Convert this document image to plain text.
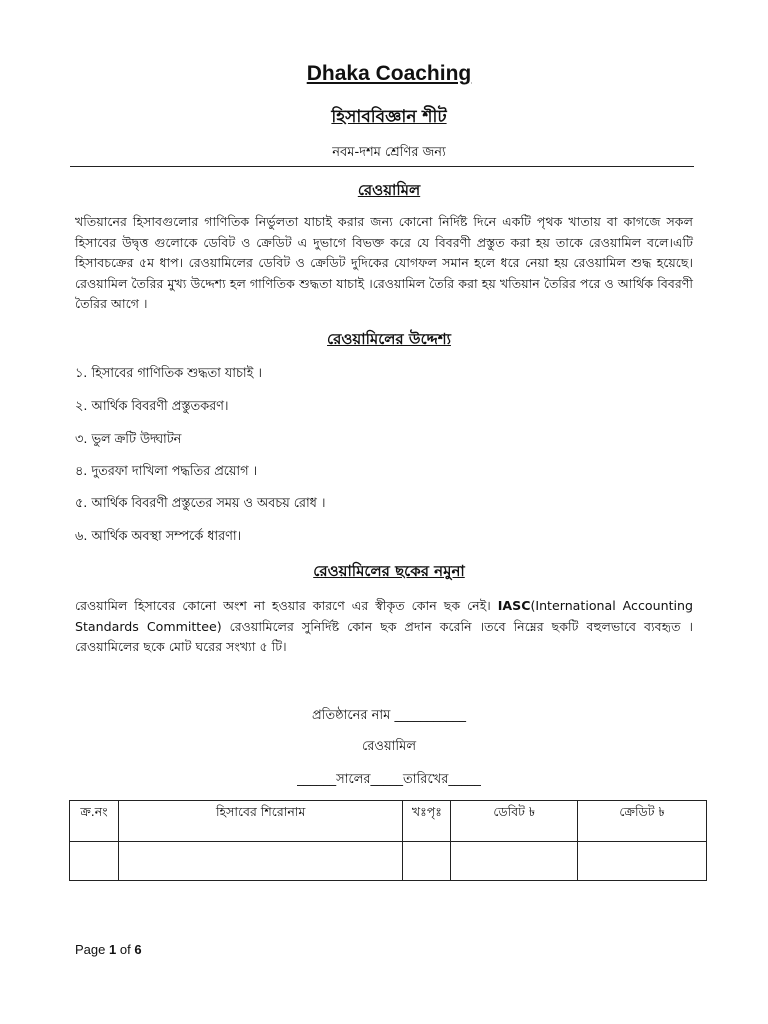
Dhaka Coaching
হিসাববিজ্ঞান শীট
নবম-দশম শ্রেণির জন্য
রেওয়ামিল
খতিয়ানের হিসাবগুলোর গাণিতিক নির্ভুলতা যাচাই করার জন্য কোনো নির্দিষ্ট দিনে একটি পৃথক খাতায় বা কাগজে সকল হিসাবের উদ্বৃত্ত গুলোকে ডেবিট ও ক্রেডিট এ দুভাগে বিভক্ত করে যে বিবরণী প্রস্তুত করা হয় তাকে রেওয়ামিল বলে।এটি হিসাবচক্রের ৫ম ধাপ। রেওয়ামিলের ডেবিট ও ক্রেডিট দুদিকের যোগফল সমান হলে ধরে নেয়া হয় রেওয়ামিল শুদ্ধ হয়েছে। রেওয়ামিল তৈরির মুখ্য উদ্দেশ্য হল গাণিতিক শুদ্ধতা যাচাই ।রেওয়ামিল তৈরি করা হয় খতিয়ান তৈরির পরে ও আর্থিক বিবরণী তৈরির আগে ।
রেওয়ামিলের উদ্দেশ্য
১. হিসাবের গাণিতিক শুদ্ধতা যাচাই ।
২. আর্থিক বিবরণী প্রস্তুতকরণ।
৩. ভুল ক্রটি উদ্ঘাটন
৪. দুতরফা দাখিলা পদ্ধতির প্রয়োগ ।
৫. আর্থিক বিবরণী প্রস্তুতের সময় ও অবচয় রোধ ।
৬. আর্থিক অবস্থা সম্পর্কে ধারণা।
রেওয়ামিলের ছকের নমুনা
রেওয়ামিল হিসাবের কোনো অংশ না হওয়ার কারণে এর স্বীকৃত কোন ছক নেই। IASC(International Accounting Standards Committee) রেওয়ামিলের সুনির্দিষ্ট কোন ছক প্রদান করেনি ।তবে নিম্নের ছকটি বহুলভাবে ব্যবহৃত । রেওয়ামিলের ছকে মোট ঘরের সংখ্যা ৫ টি।
প্রতিষ্ঠানের নাম ___________
রেওয়ামিল
______সালের_____তারিখের_____
ক্র.নং	হিসাবের শিরোনাম	খঃপৃঃ	ডেবিট ৳	ক্রেডিট ৳

Page 1 of 6
